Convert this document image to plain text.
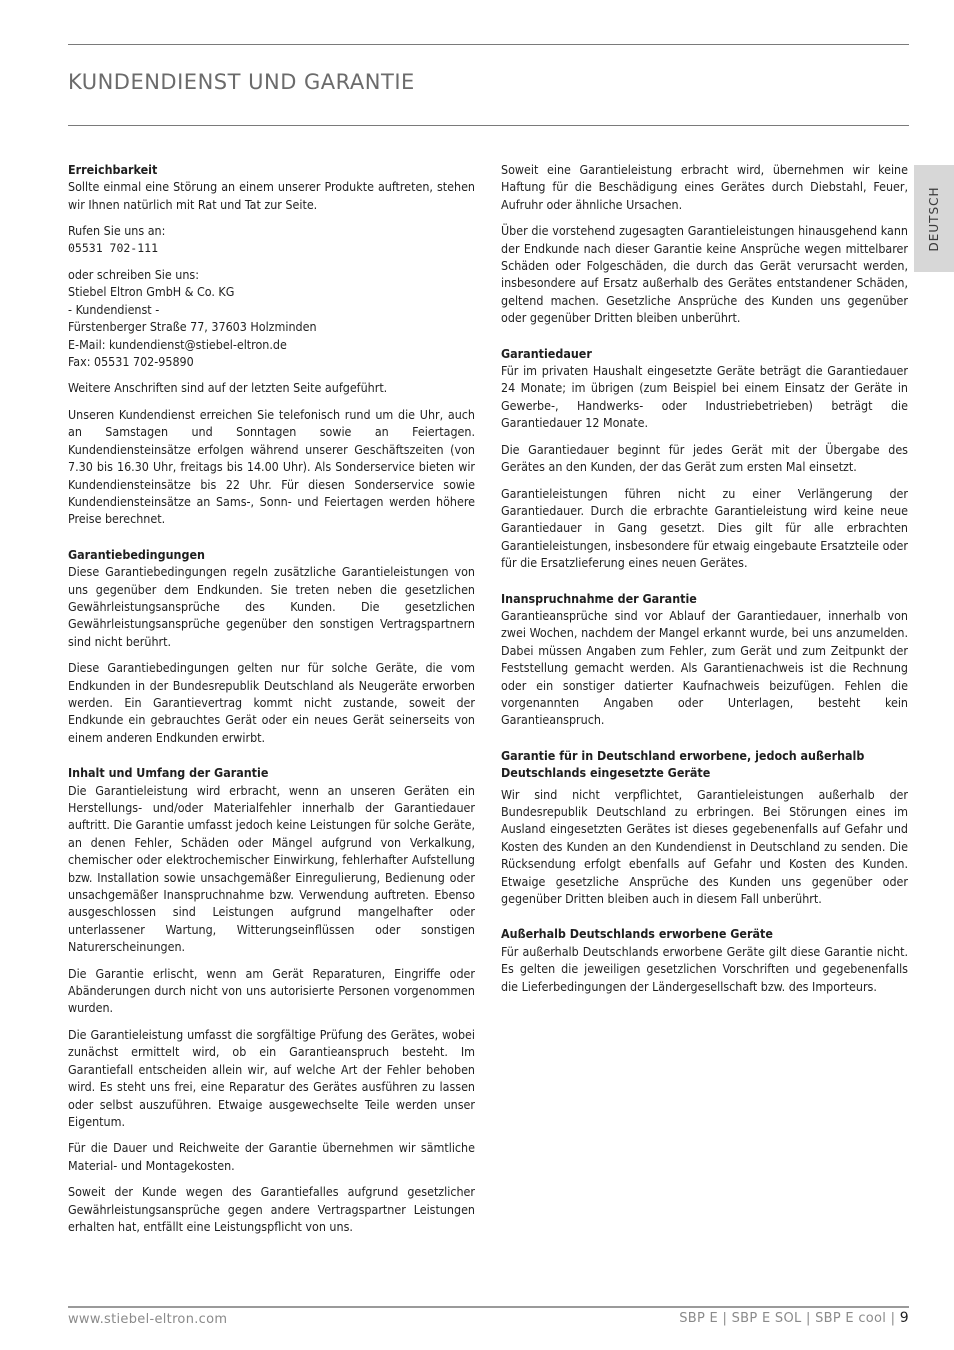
KUNDENDIENST UND GARANTIE
DEUTSCH
Erreichbarkeit

Sollte einmal eine Störung an einem unserer Produkte auftreten, stehen wir Ihnen natürlich mit Rat und Tat zur Seite.

Rufen Sie uns an:
05531 702-111
oder schreiben Sie uns:
Stiebel Eltron GmbH & Co. KG
- Kundendienst -
Fürstenberger Straße 77, 37603 Holzminden
E-Mail: kundendienst@stiebel-eltron.de
Fax: 05531 702-95890

Weitere Anschriften sind auf der letzten Seite aufgeführt.

Unseren Kundendienst erreichen Sie telefonisch rund um die Uhr, auch an Samstagen und Sonntagen sowie an Feiertagen. Kundendiensteinsätze erfolgen während unserer Geschäftszeiten (von 7.30 bis 16.30 Uhr, freitags bis 14.00 Uhr). Als Sonderservice bieten wir Kundendiensteinsätze bis 22 Uhr. Für diesen Sonderservice sowie Kundendiensteinsätze an Sams-, Sonn- und Feiertagen werden höhere Preise berechnet.

Garantiebedingungen

Diese Garantiebedingungen regeln zusätzliche Garantieleistungen von uns gegenüber dem Endkunden. Sie treten neben die gesetzlichen Gewährleistungsansprüche des Kunden. Die gesetzlichen Gewährleistungsansprüche gegenüber den sonstigen Vertragspartnern sind nicht berührt.

Diese Garantiebedingungen gelten nur für solche Geräte, die vom Endkunden in der Bundesrepublik Deutschland als Neugeräte erworben werden. Ein Garantievertrag kommt nicht zustande, soweit der Endkunde ein gebrauchtes Gerät oder ein neues Gerät seinerseits von einem anderen Endkunden erwirbt.

Inhalt und Umfang der Garantie

Die Garantieleistung wird erbracht, wenn an unseren Geräten ein Herstellungs- und/oder Materialfehler innerhalb der Garantiedauer auftritt. Die Garantie umfasst jedoch keine Leistungen für solche Geräte, an denen Fehler, Schäden oder Mängel aufgrund von Verkalkung, chemischer oder elektrochemischer Einwirkung, fehlerhafter Aufstellung bzw. Installation sowie unsachgemäßer Einregulierung, Bedienung oder unsachgemäßer Inanspruchnahme bzw. Verwendung auftreten. Ebenso ausgeschlossen sind Leistungen aufgrund mangelhafter oder unterlassener Wartung, Witterungseinflüssen oder sonstigen Naturerscheinungen.

Die Garantie erlischt, wenn am Gerät Reparaturen, Eingriffe oder Abänderungen durch nicht von uns autorisierte Personen vorgenommen wurden.

Die Garantieleistung umfasst die sorgfältige Prüfung des Gerätes, wobei zunächst ermittelt wird, ob ein Garantieanspruch besteht. Im Garantiefall entscheiden allein wir, auf welche Art der Fehler behoben wird. Es steht uns frei, eine Reparatur des Gerätes ausführen zu lassen oder selbst auszuführen. Etwaige ausgewechselte Teile werden unser Eigentum.

Für die Dauer und Reichweite der Garantie übernehmen wir sämtliche Material- und Montagekosten.

Soweit der Kunde wegen des Garantiefalles aufgrund gesetzlicher Gewährleistungsansprüche gegen andere Vertragspartner Leistungen erhalten hat, entfällt eine Leistungspflicht von uns.

Soweit eine Garantieleistung erbracht wird, übernehmen wir keine Haftung für die Beschädigung eines Gerätes durch Diebstahl, Feuer, Aufruhr oder ähnliche Ursachen.

Über die vorstehend zugesagten Garantieleistungen hinausgehend kann der Endkunde nach dieser Garantie keine Ansprüche wegen mittelbarer Schäden oder Folgeschäden, die durch das Gerät verursacht werden, insbesondere auf Ersatz außerhalb des Gerätes entstandener Schäden, geltend machen. Gesetzliche Ansprüche des Kunden uns gegenüber oder gegenüber Dritten bleiben unberührt.

Garantiedauer

Für im privaten Haushalt eingesetzte Geräte beträgt die Garantiedauer 24 Monate; im übrigen (zum Beispiel bei einem Einsatz der Geräte in Gewerbe-, Handwerks- oder Industriebetrieben) beträgt die Garantiedauer 12 Monate.

Die Garantiedauer beginnt für jedes Gerät mit der Übergabe des Gerätes an den Kunden, der das Gerät zum ersten Mal einsetzt.

Garantieleistungen führen nicht zu einer Verlängerung der Garantiedauer. Durch die erbrachte Garantieleistung wird keine neue Garantiedauer in Gang gesetzt. Dies gilt für alle erbrachten Garantieleistungen, insbesondere für etwaig eingebaute Ersatzteile oder für die Ersatzlieferung eines neuen Gerätes.

Inanspruchnahme der Garantie

Garantieansprüche sind vor Ablauf der Garantiedauer, innerhalb von zwei Wochen, nachdem der Mangel erkannt wurde, bei uns anzumelden. Dabei müssen Angaben zum Fehler, zum Gerät und zum Zeitpunkt der Feststellung gemacht werden. Als Garantienachweis ist die Rechnung oder ein sonstiger datierter Kaufnachweis beizufügen. Fehlen die vorgenannten Angaben oder Unterlagen, besteht kein Garantieanspruch.

Garantie für in Deutschland erworbene, jedoch außerhalb Deutschlands eingesetzte Geräte

Wir sind nicht verpflichtet, Garantieleistungen außerhalb der Bundesrepublik Deutschland zu erbringen. Bei Störungen eines im Ausland eingesetzten Gerätes ist dieses gegebenenfalls auf Gefahr und Kosten des Kunden an den Kundendienst in Deutschland zu senden. Die Rücksendung erfolgt ebenfalls auf Gefahr und Kosten des Kunden. Etwaige gesetzliche Ansprüche des Kunden uns gegenüber oder gegenüber Dritten bleiben auch in diesem Fall unberührt.

Außerhalb Deutschlands erworbene Geräte

Für außerhalb Deutschlands erworbene Geräte gilt diese Garantie nicht. Es gelten die jeweiligen gesetzlichen Vorschriften und gegebenenfalls die Lieferbedingungen der Ländergesellschaft bzw. des Importeurs.

www.stiebel-eltron.com	SBP E | SBP E SOL | SBP E cool | 9
